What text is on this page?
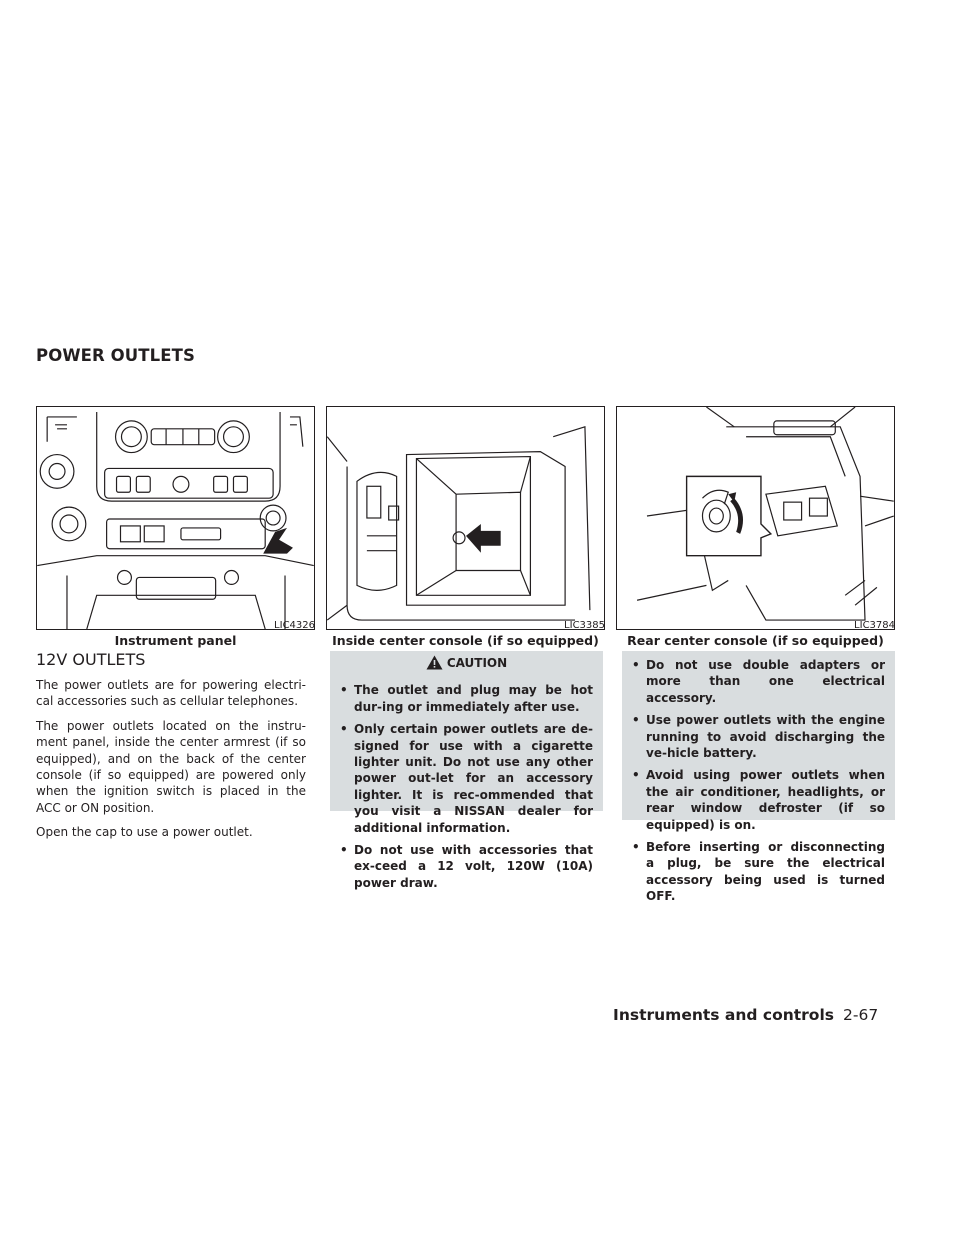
POWER OUTLETS
LIC4326
Instrument panel
LIC3385
Inside center console (if so equipped)
LIC3784
Rear center console (if so equipped)
12V OUTLETS

The power outlets are for powering electri-cal accessories such as cellular telephones.

The power outlets located on the instru-ment panel, inside the center armrest (if so equipped), and on the back of the center console (if so equipped) are powered only when the ignition switch is placed in the ACC or ON position.

Open the cap to use a power outlet.

CAUTION
• The outlet and plug may be hot dur-ing or immediately after use.
• Only certain power outlets are de-signed for use with a cigarette lighter unit. Do not use any other power out-let for an accessory lighter. It is rec-ommended that you visit a NISSAN dealer for additional information.
• Do not use with accessories that ex-ceed a 12 volt, 120W (10A) power draw.
• Do not use double adapters or more than one electrical accessory.
• Use power outlets with the engine running to avoid discharging the ve-hicle battery.
• Avoid using power outlets when the air conditioner, headlights, or rear window defroster (if so equipped) is on.
• Before inserting or disconnecting a plug, be sure the electrical accessory being used is turned OFF.
Instruments and controls 2-67
